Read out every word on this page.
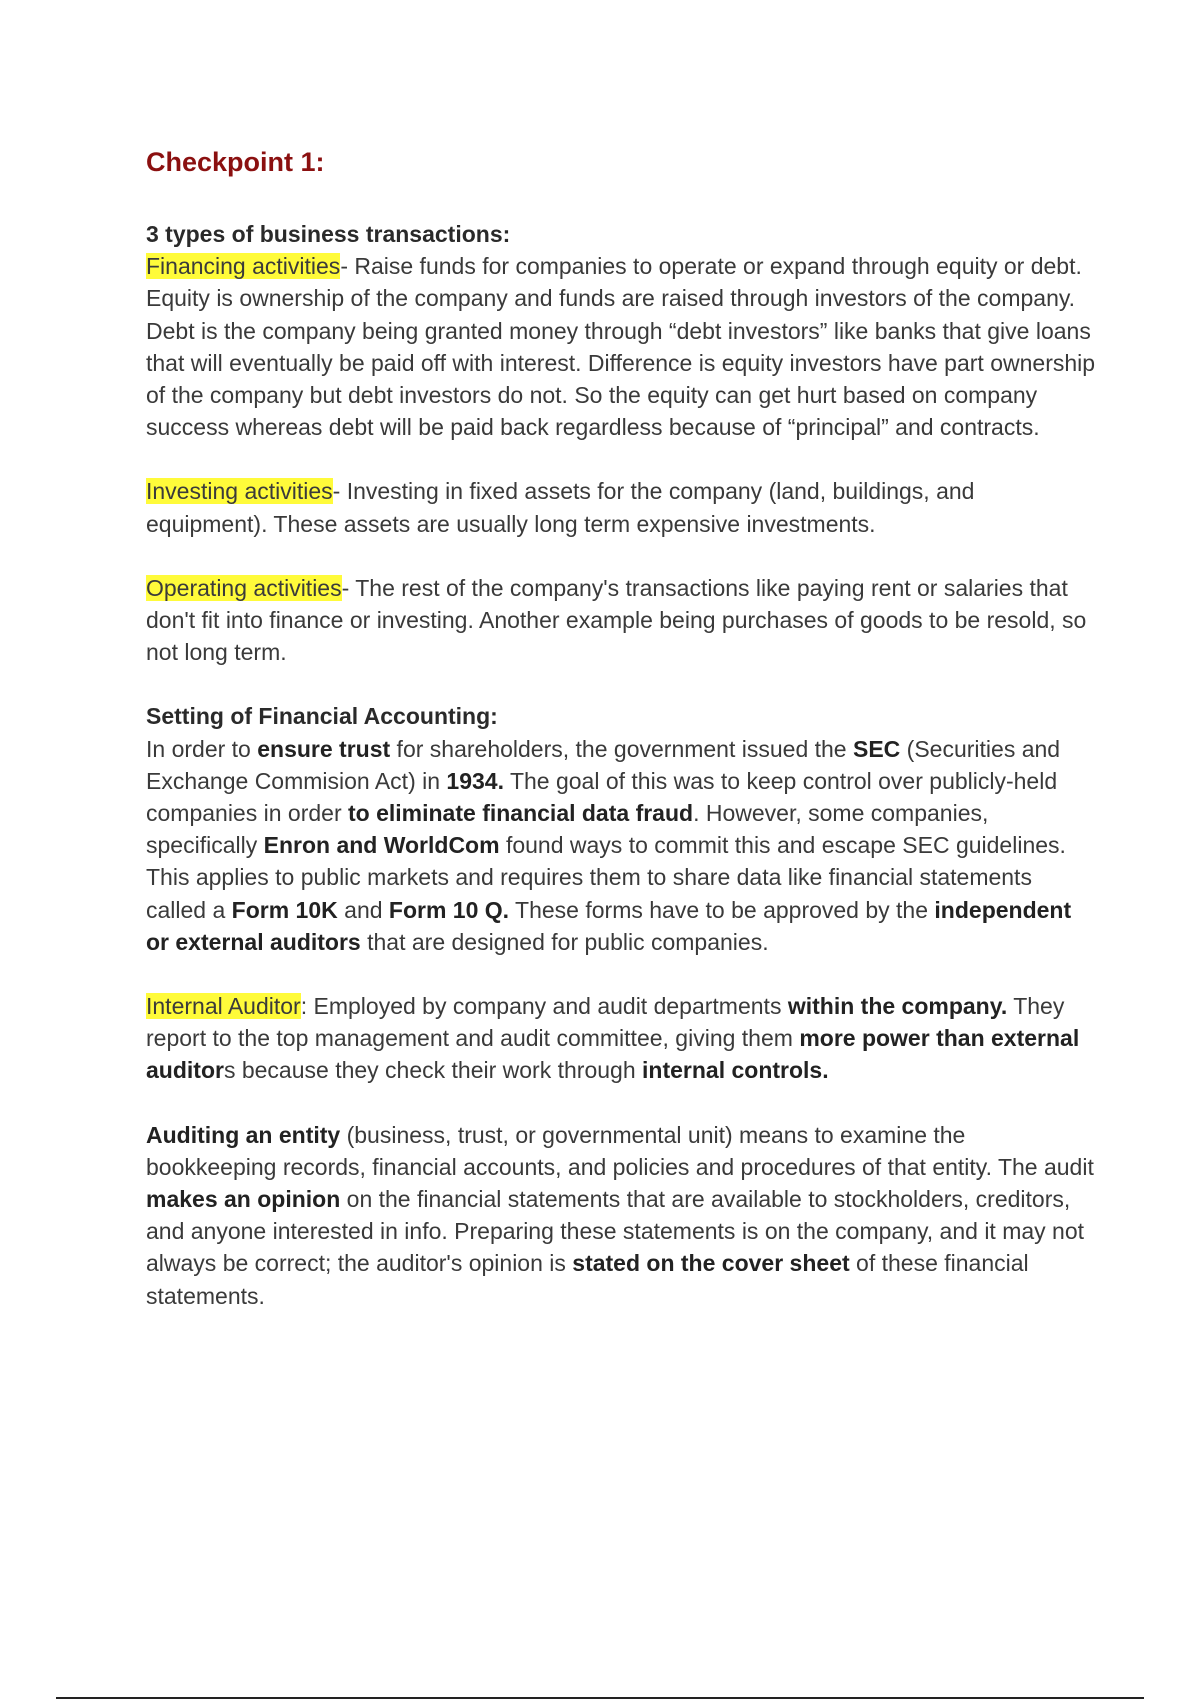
Checkpoint 1:
3 types of business transactions:
Financing activities- Raise funds for companies to operate or expand through equity or debt. Equity is ownership of the company and funds are raised through investors of the company. Debt is the company being granted money through “debt investors” like banks that give loans that will eventually be paid off with interest. Difference is equity investors have part ownership of the company but debt investors do not. So the equity can get hurt based on company success whereas debt will be paid back regardless because of “principal” and contracts.
Investing activities- Investing in fixed assets for the company (land, buildings, and equipment). These assets are usually long term expensive investments.
Operating activities- The rest of the company's transactions like paying rent or salaries that don't fit into finance or investing. Another example being purchases of goods to be resold, so not long term.
Setting of Financial Accounting:
In order to ensure trust for shareholders, the government issued the SEC (Securities and Exchange Commision Act) in 1934. The goal of this was to keep control over publicly-held companies in order to eliminate financial data fraud. However, some companies, specifically Enron and WorldCom found ways to commit this and escape SEC guidelines. This applies to public markets and requires them to share data like financial statements called a Form 10K and Form 10 Q. These forms have to be approved by the independent or external auditors that are designed for public companies.
Internal Auditor: Employed by company and audit departments within the company. They report to the top management and audit committee, giving them more power than external auditors because they check their work through internal controls.
Auditing an entity (business, trust, or governmental unit) means to examine the bookkeeping records, financial accounts, and policies and procedures of that entity. The audit makes an opinion on the financial statements that are available to stockholders, creditors, and anyone interested in info. Preparing these statements is on the company, and it may not always be correct; the auditor's opinion is stated on the cover sheet of these financial statements.
